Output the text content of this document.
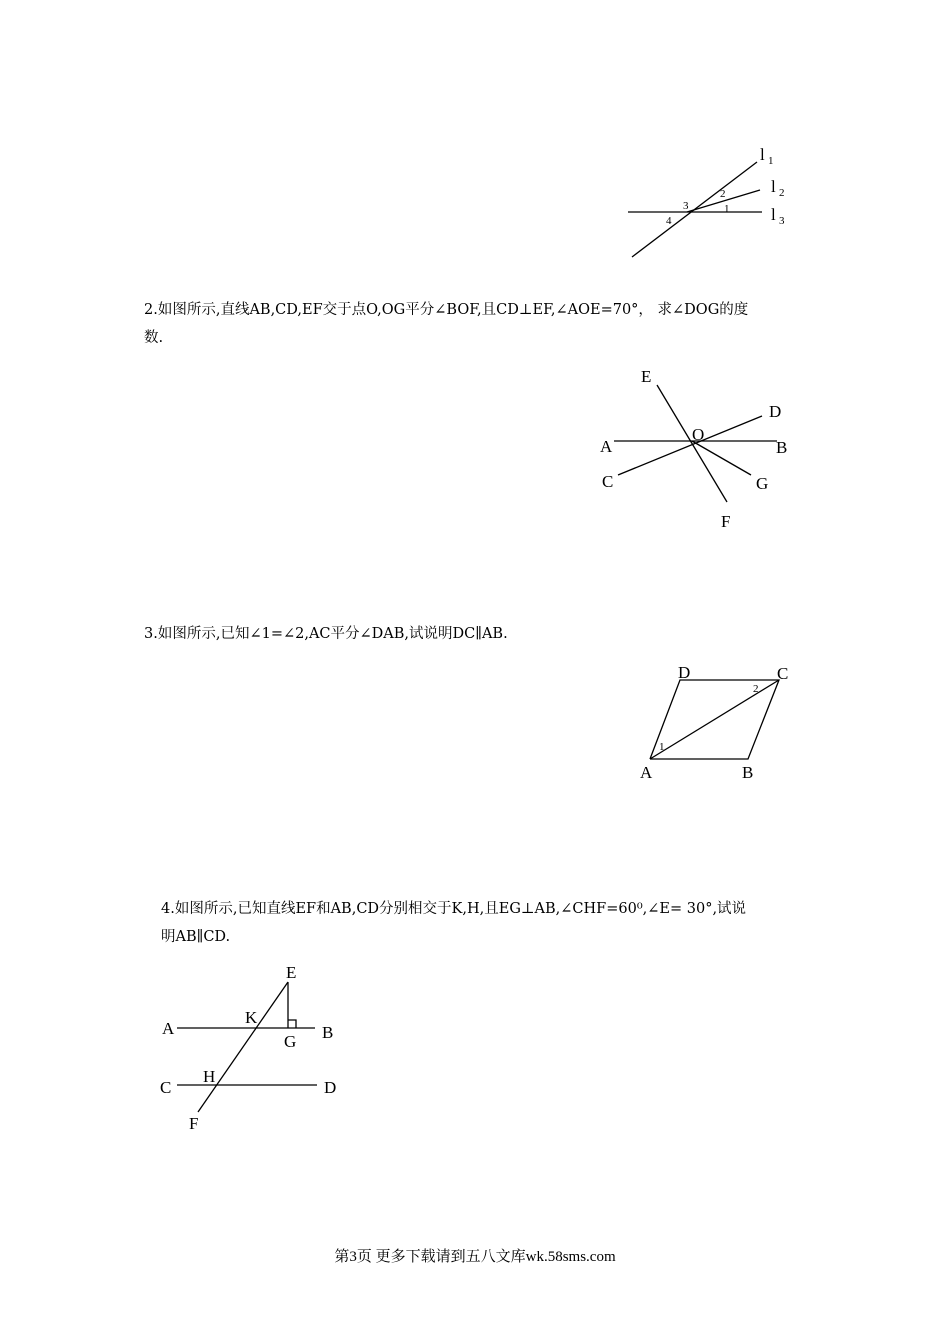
l 1
l 2
l 3
1
2
3
4

2.如图所示,直线AB,CD,EF交于点O,OG平分∠BOF,且CD⊥EF,∠AOE=70°， 求∠DOG的度

数.

E
D
O
A	B
C	G
F

3.如图所示,已知∠1=∠2,AC平分∠DAB,试说明DC∥AB.

D	C
A	B
1
2

4.如图所示,已知直线EF和AB,CD分别相交于K,H,且EG⊥AB,∠CHF=60⁰,∠E= 30°,试说

明AB∥CD.

E
A
K
B
G
C
H
D
F
第3页 更多下载请到五八文库wk.58sms.com
